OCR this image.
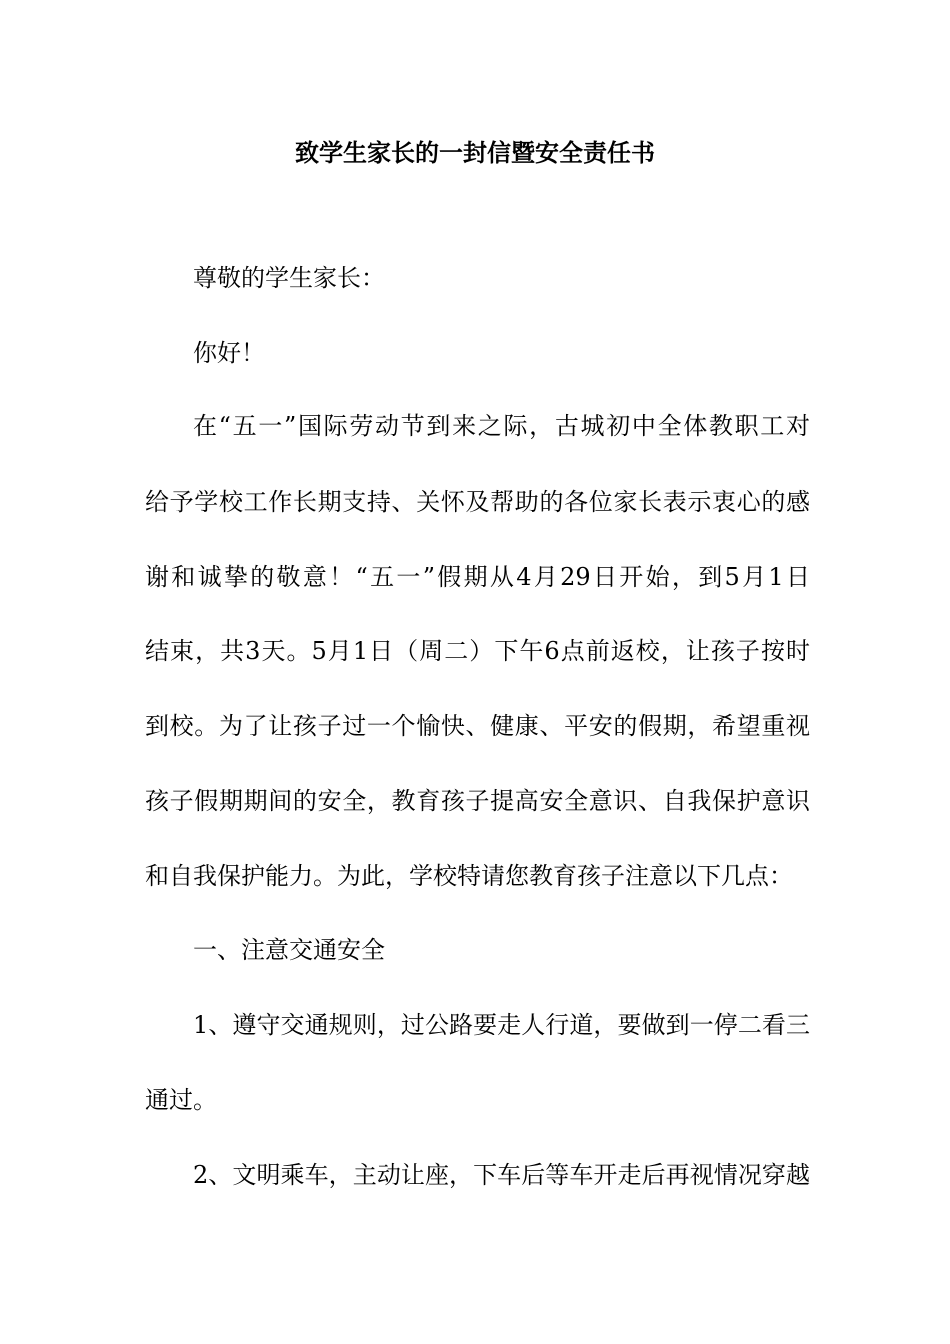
致学生家长的一封信暨安全责任书
尊敬的学生家长：
你好！
在“五一”国际劳动节到来之际，古城初中全体教职工对
给予学校工作长期支持、关怀及帮助的各位家长表示衷心的感
谢和诚挚的敬意！“五一”假期从4月29日开始，到5月1日
结束，共3天。5月1日（周二）下午6点前返校，让孩子按时
到校。为了让孩子过一个愉快、健康、平安的假期，希望重视
孩子假期期间的安全，教育孩子提高安全意识、自我保护意识
和自我保护能力。为此，学校特请您教育孩子注意以下几点：
一、注意交通安全
1、遵守交通规则，过公路要走人行道，要做到一停二看三
通过。
2、文明乘车，主动让座，下车后等车开走后再视情况穿越
